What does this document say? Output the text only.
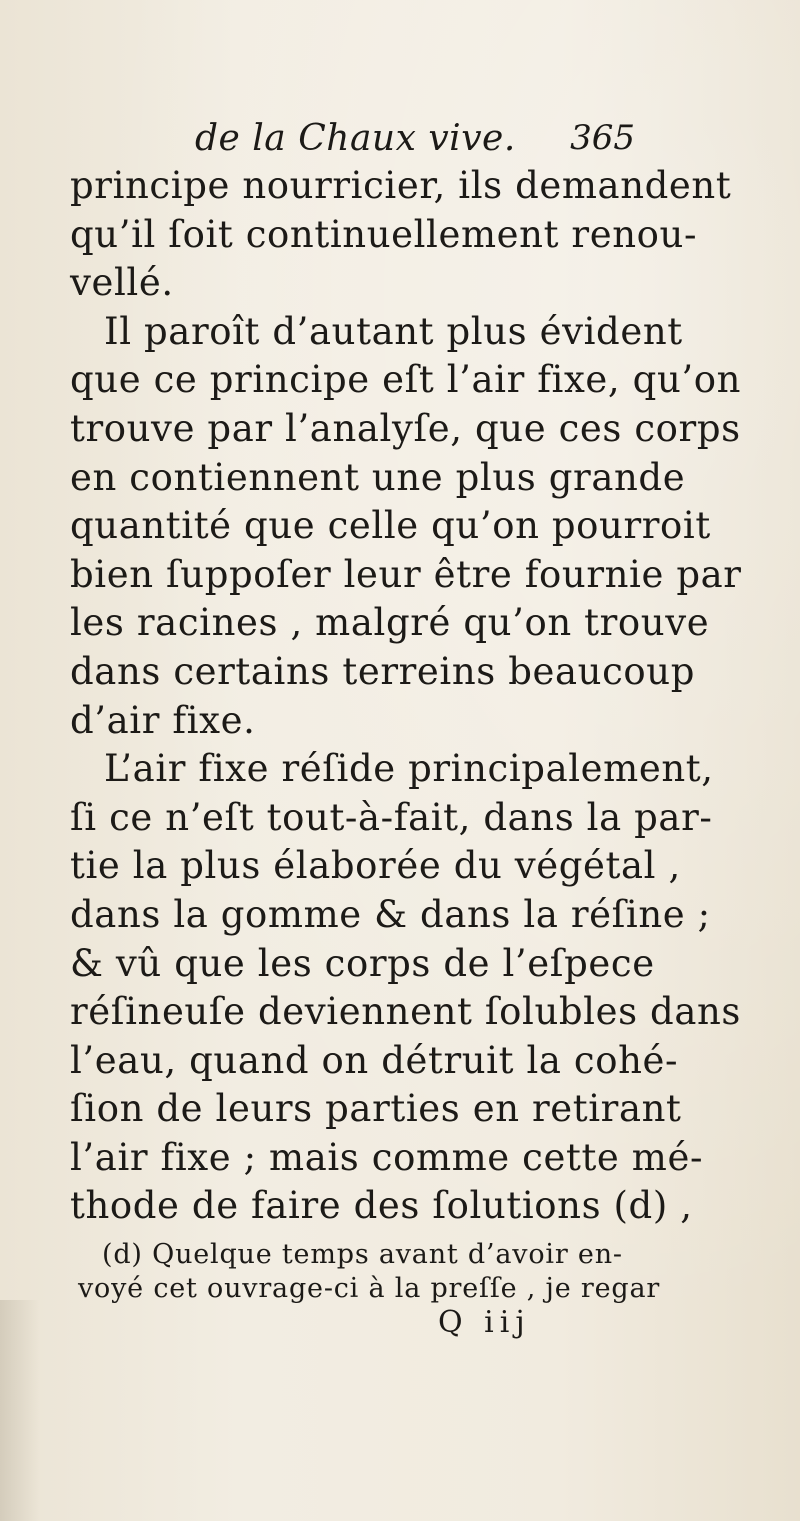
de la Chaux vive. 365
principe nourricier, ils demandent
qu’il ſoit continuellement renou-
vellé.
Il paroît d’autant plus évident
que ce principe eſt l’air fixe, qu’on
trouve par l’analyſe, que ces corps
en contiennent une plus grande
quantité que celle qu’on pourroit
bien ſuppoſer leur être fournie par
les racines , malgré qu’on trouve
dans certains terreins beaucoup
d’air fixe.
L’air fixe réſide principalement,
ſi ce n’eſt tout-à-fait, dans la par-
tie la plus élaborée du végétal ,
dans la gomme & dans la réſine ;
& vû que les corps de l’eſpece
réſineuſe deviennent ſolubles dans
l’eau, quand on détruit la cohé-
ſion de leurs parties en retirant
l’air fixe ; mais comme cette mé-
thode de faire des ſolutions (d) ,
(d) Quelque temps avant d’avoir en-
voyé cet ouvrage-ci à la preſſe , je regar
Q iij
